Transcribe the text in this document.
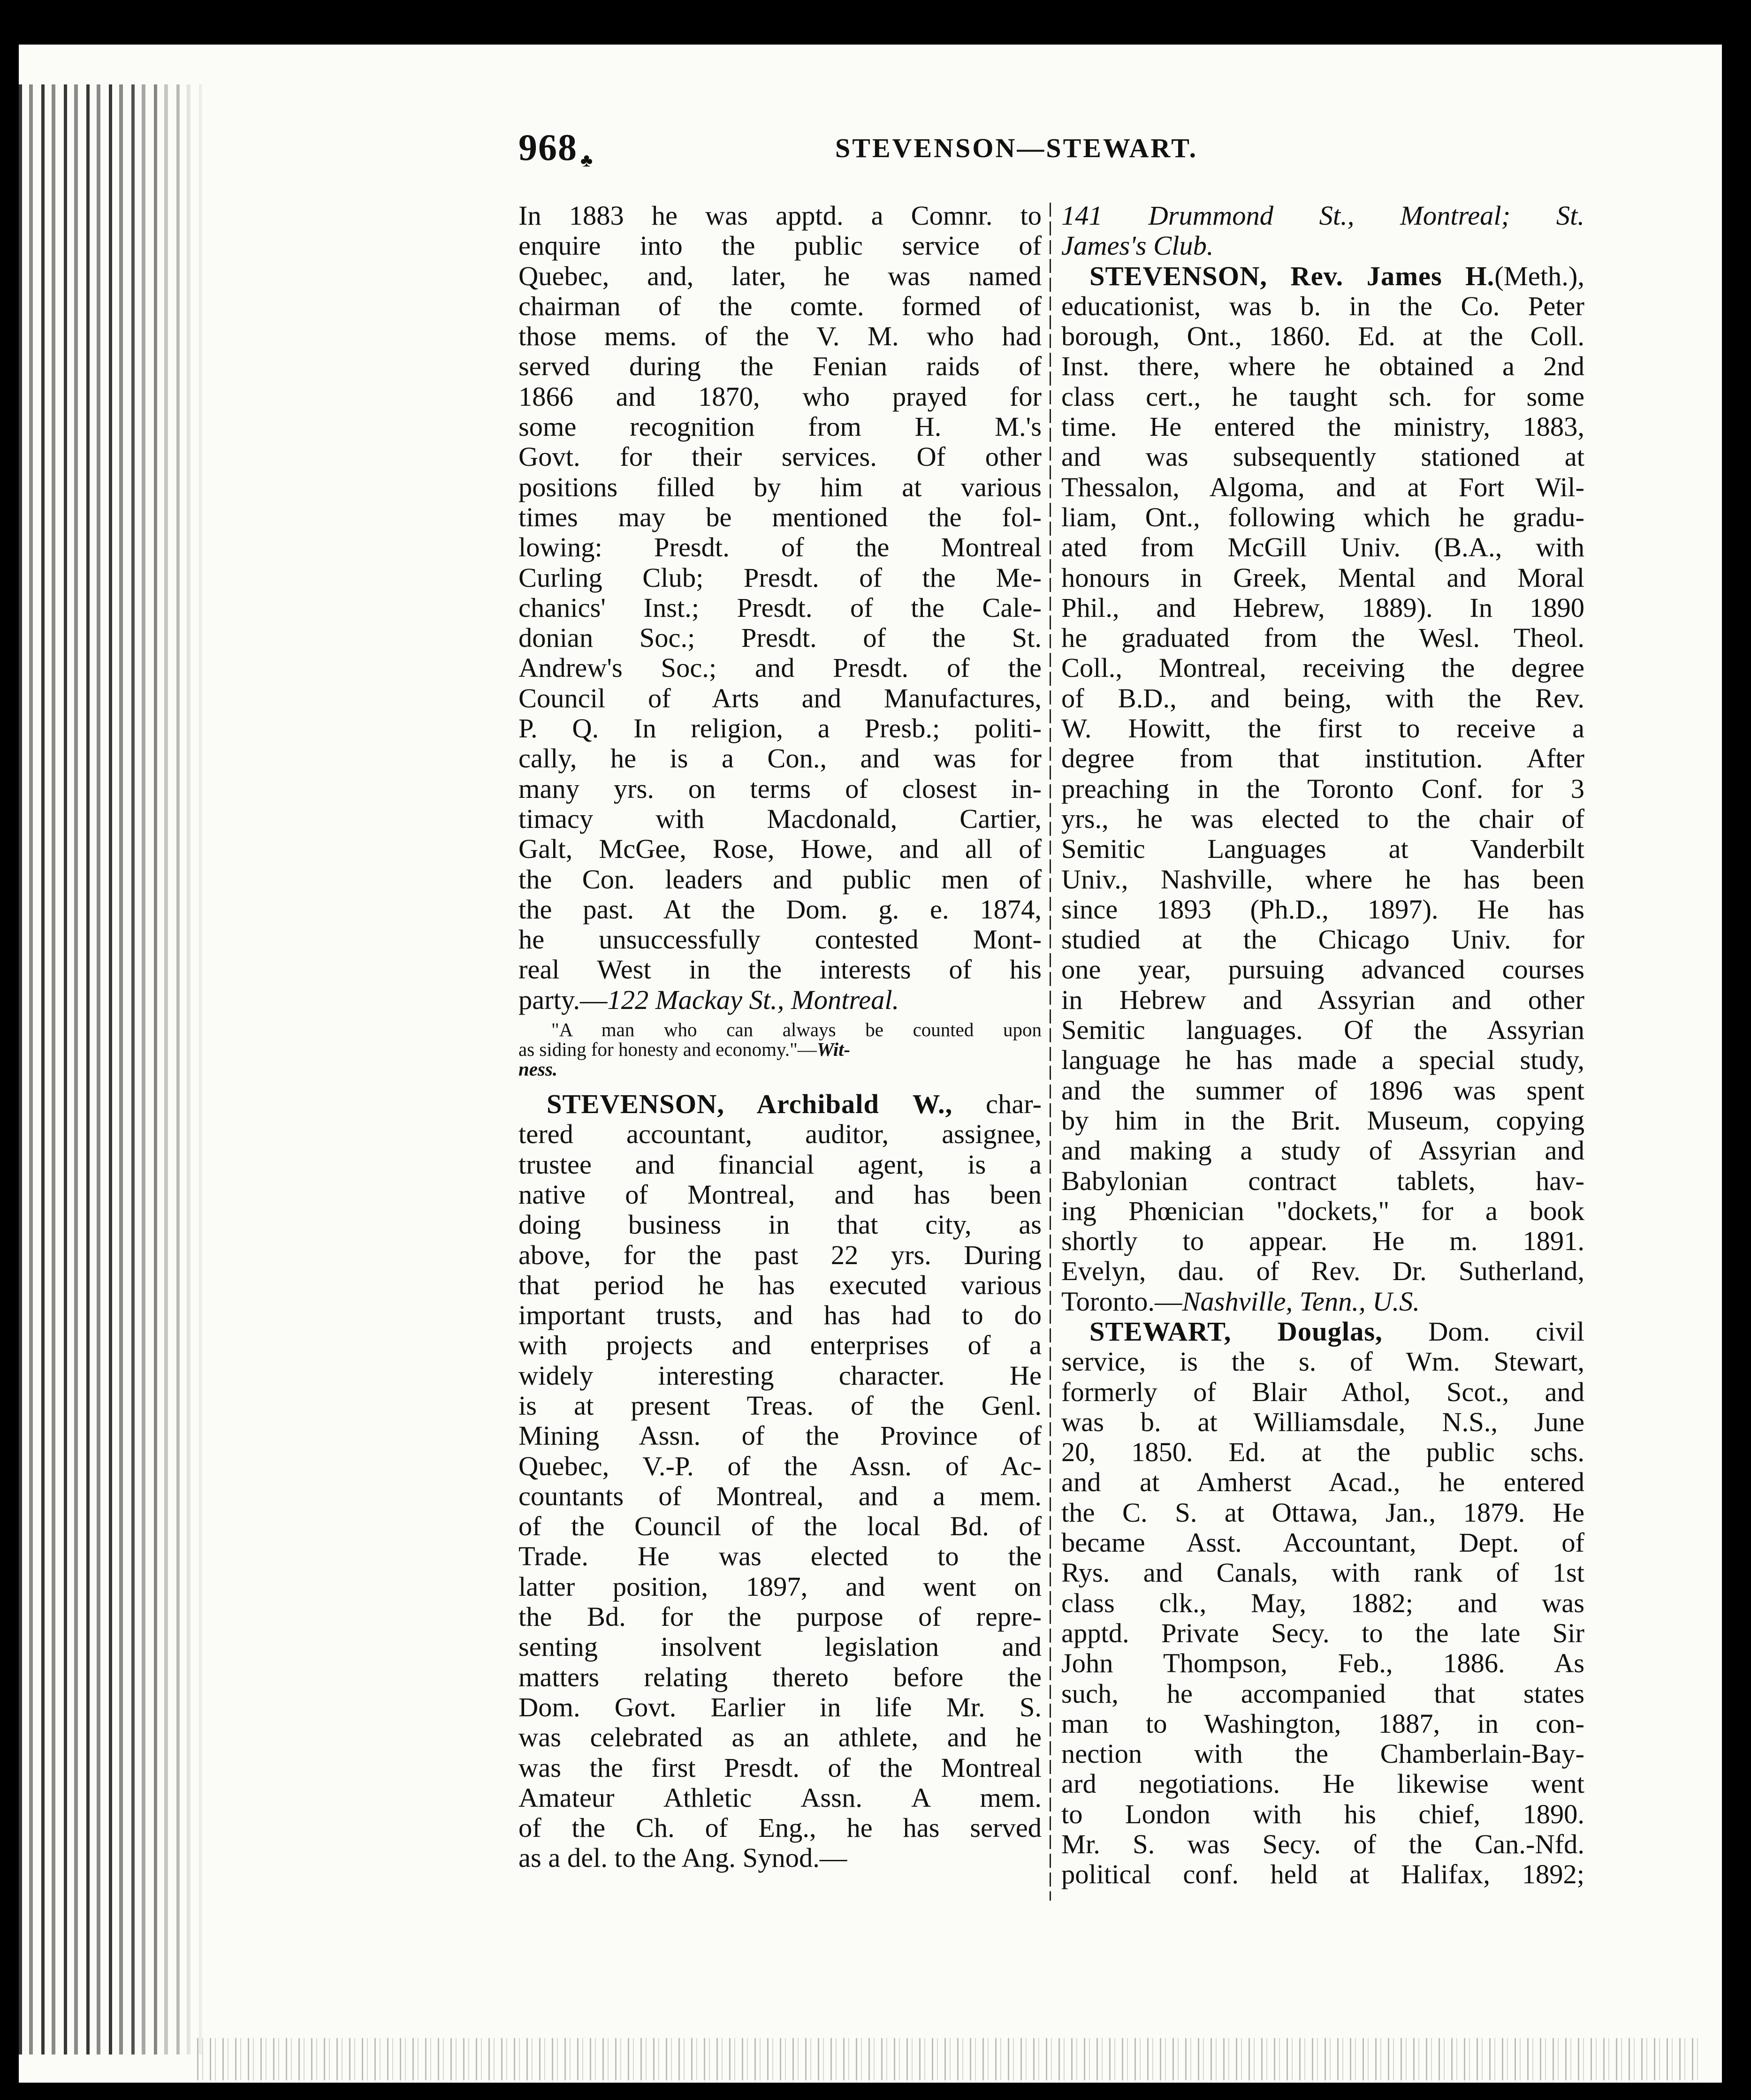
968 ♣	STEVENSON—STEWART.
In 1883 he was apptd. a Comnr. to
enquire into the public service of
Quebec, and, later, he was named
chairman of the comte. formed of
those mems. of the V. M. who had
served during the Fenian raids of
1866 and 1870, who prayed for
some recognition from H. M.'s
Govt. for their services. Of other
positions filled by him at various
times may be mentioned the fol-
lowing: Presdt. of the Montreal
Curling Club; Presdt. of the Me-
chanics' Inst.; Presdt. of the Cale-
donian Soc.; Presdt. of the St.
Andrew's Soc.; and Presdt. of the
Council of Arts and Manufactures,
P. Q. In religion, a Presb.; politi-
cally, he is a Con., and was for
many yrs. on terms of closest in-
timacy with Macdonald, Cartier,
Galt, McGee, Rose, Howe, and all of
the Con. leaders and public men of
the past. At the Dom. g. e. 1874,
he unsuccessfully contested Mont-
real West in the interests of his
party.—122 Mackay St., Montreal.
"A man who can always be counted upon
as siding for honesty and economy."—Wit-
ness.
STEVENSON, Archibald W., char-
tered accountant, auditor, assignee,
trustee and financial agent, is a
native of Montreal, and has been
doing business in that city, as
above, for the past 22 yrs. During
that period he has executed various
important trusts, and has had to do
with projects and enterprises of a
widely interesting character. He
is at present Treas. of the Genl.
Mining Assn. of the Province of
Quebec, V.-P. of the Assn. of Ac-
countants of Montreal, and a mem.
of the Council of the local Bd. of
Trade. He was elected to the
latter position, 1897, and went on
the Bd. for the purpose of repre-
senting insolvent legislation and
matters relating thereto before the
Dom. Govt. Earlier in life Mr. S.
was celebrated as an athlete, and he
was the first Presdt. of the Montreal
Amateur Athletic Assn. A mem.
of the Ch. of Eng., he has served
as a del. to the Ang. Synod.—
141 Drummond St., Montreal; St.
James's Club.
STEVENSON, Rev. James H.(Meth.),
educationist, was b. in the Co. Peter
borough, Ont., 1860. Ed. at the Coll.
Inst. there, where he obtained a 2nd
class cert., he taught sch. for some
time. He entered the ministry, 1883,
and was subsequently stationed at
Thessalon, Algoma, and at Fort Wil-
liam, Ont., following which he gradu-
ated from McGill Univ. (B.A., with
honours in Greek, Mental and Moral
Phil., and Hebrew, 1889). In 1890
he graduated from the Wesl. Theol.
Coll., Montreal, receiving the degree
of B.D., and being, with the Rev.
W. Howitt, the first to receive a
degree from that institution. After
preaching in the Toronto Conf. for 3
yrs., he was elected to the chair of
Semitic Languages at Vanderbilt
Univ., Nashville, where he has been
since 1893 (Ph.D., 1897). He has
studied at the Chicago Univ. for
one year, pursuing advanced courses
in Hebrew and Assyrian and other
Semitic languages. Of the Assyrian
language he has made a special study,
and the summer of 1896 was spent
by him in the Brit. Museum, copying
and making a study of Assyrian and
Babylonian contract tablets, hav-
ing Phœnician "dockets," for a book
shortly to appear. He m. 1891.
Evelyn, dau. of Rev. Dr. Sutherland,
Toronto.—Nashville, Tenn., U.S.
STEWART, Douglas, Dom. civil
service, is the s. of Wm. Stewart,
formerly of Blair Athol, Scot., and
was b. at Williamsdale, N.S., June
20, 1850. Ed. at the public schs.
and at Amherst Acad., he entered
the C. S. at Ottawa, Jan., 1879. He
became Asst. Accountant, Dept. of
Rys. and Canals, with rank of 1st
class clk., May, 1882; and was
apptd. Private Secy. to the late Sir
John Thompson, Feb., 1886. As
such, he accompanied that states
man to Washington, 1887, in con-
nection with the Chamberlain-Bay-
ard negotiations. He likewise went
to London with his chief, 1890.
Mr. S. was Secy. of the Can.-Nfd.
political conf. held at Halifax, 1892;
